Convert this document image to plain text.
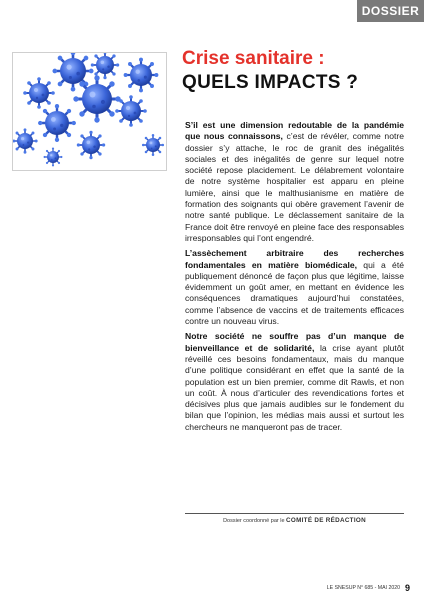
DOSSIER
Crise sanitaire :
QUELS IMPACTS ?

S’il est une dimension redoutable de la pandémie que nous connaissons, c’est de révéler, comme notre dossier s’y attache, le roc de granit des inégalités sociales et des inégalités de genre sur lequel notre société repose placidement. Le délabrement volontaire de notre système hospitalier est apparu en pleine lumière, ainsi que le malthusianisme en matière de formation des soignants qui obère gravement l’avenir de notre santé publique. Le déclassement sanitaire de la France doit être renvoyé en pleine face des responsables irresponsables qui l’ont engendré.

L’assèchement arbitraire des recherches fondamentales en matière biomédicale, qui a été publiquement dénoncé de façon plus que légitime, laisse évidemment un goût amer, en mettant en évidence les conséquences dramatiques aujourd’hui constatées, comme l’absence de vaccins et de traitements efficaces contre un nouveau virus.

Notre société ne souffre pas d’un manque de bienveillance et de solidarité, la crise ayant plutôt réveillé ces besoins fondamentaux, mais du manque d’une politique considérant en effet que la santé de la population est un bien premier, comme dit Rawls, et non un coût. À nous d’articuler des revendications fortes et décisives plus que jamais audibles sur le fondement du bilan que l’opinion, les médias mais aussi et surtout les chercheurs ne manqueront pas de tracer.

Dossier coordonné par le COMITÉ DE RÉDACTION
LE SNESUP N° 685 - MAI 2020 9
